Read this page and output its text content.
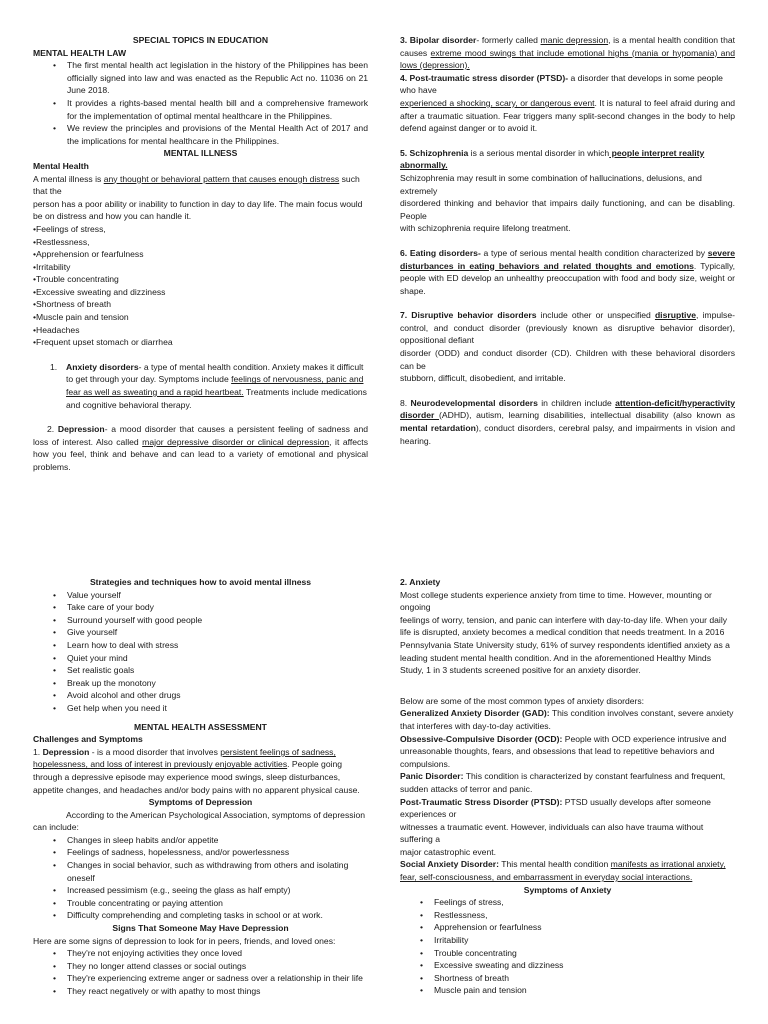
SPECIAL TOPICS IN EDUCATION

MENTAL HEALTH LAW

• The first mental health act legislation in the history of the Philippines has been officially signed into law and was enacted as the Republic Act no. 11036 on 21 June 2018.
• It provides a rights-based mental health bill and a comprehensive framework for the implementation of optimal mental healthcare in the Philippines.
• We review the principles and provisions of the Mental Health Act of 2017 and the implications for mental healthcare in the Philippines.

MENTAL ILLNESS

Mental Health

A mental illness is any thought or behavioral pattern that causes enough distress such that the

person has a poor ability or inability to function in day to day life. The main focus would be on distress and how you can handle it.

• Feelings of stress,
• Restlessness,
• Apprehension or fearfulness
• Irritability
• Trouble concentrating
• Excessive sweating and dizziness
• Shortness of breath
• Muscle pain and tension
• Headaches
• Frequent upset stomach or diarrhea
1. Anxiety disorders- a type of mental health condition. Anxiety makes it difficult to get through your day. Symptoms include feelings of nervousness, panic and fear as well as sweating and a rapid heartbeat. Treatments include medications and cognitive behavioral therapy.

2. Depression- a mood disorder that causes a persistent feeling of sadness and loss of interest. Also called major depressive disorder or clinical depression, it affects how you feel, think and behave and can lead to a variety of emotional and physical problems.

3. Bipolar disorder- formerly called manic depression, is a mental health condition that causes extreme mood swings that include emotional highs (mania or hypomania) and lows (depression).

4. Post-traumatic stress disorder (PTSD)- a disorder that develops in some people who have

experienced a shocking, scary, or dangerous event. It is natural to feel afraid during and after a traumatic situation. Fear triggers many split-second changes in the body to help defend against danger or to avoid it.

5. Schizophrenia is a serious mental disorder in which people interpret reality abnormally.

Schizophrenia may result in some combination of hallucinations, delusions, and extremely

disordered thinking and behavior that impairs daily functioning, and can be disabling. People

with schizophrenia require lifelong treatment.

6. Eating disorders- a type of serious mental health condition characterized by severe disturbances in eating behaviors and related thoughts and emotions. Typically, people with ED develop an unhealthy preoccupation with food and body size, weight or shape.

7. Disruptive behavior disorders include other or unspecified disruptive, impulse-control, and conduct disorder (previously known as disruptive behavior disorder), oppositional defiant

disorder (ODD) and conduct disorder (CD). Children with these behavioral disorders can be

stubborn, difficult, disobedient, and irritable.

8. Neurodevelopmental disorders in children include attention-deficit/hyperactivity disorder (ADHD), autism, learning disabilities, intellectual disability (also known as mental retardation), conduct disorders, cerebral palsy, and impairments in vision and hearing.

Strategies and techniques how to avoid mental illness

• Value yourself
• Take care of your body
• Surround yourself with good people
• Give yourself
• Learn how to deal with stress
• Quiet your mind
• Set realistic goals
• Break up the monotony
• Avoid alcohol and other drugs
• Get help when you need it

MENTAL HEALTH ASSESSMENT

Challenges and Symptoms

1. Depression - is a mood disorder that involves persistent feelings of sadness, hopelessness, and loss of interest in previously enjoyable activities. People going through a depressive episode may experience mood swings, sleep disturbances, appetite changes, and headaches and/or body pains with no apparent physical cause.

Symptoms of Depression

According to the American Psychological Association, symptoms of depression can include:

• Changes in sleep habits and/or appetite
• Feelings of sadness, hopelessness, and/or powerlessness
• Changes in social behavior, such as withdrawing from others and isolating oneself
• Increased pessimism (e.g., seeing the glass as half empty)
• Trouble concentrating or paying attention
• Difficulty comprehending and completing tasks in school or at work.

Signs That Someone May Have Depression

Here are some signs of depression to look for in peers, friends, and loved ones:

• They're not enjoying activities they once loved
• They no longer attend classes or social outings
• They're experiencing extreme anger or sadness over a relationship in their life
• They react negatively or with apathy to most things

2. Anxiety

Most college students experience anxiety from time to time. However, mounting or ongoing

feelings of worry, tension, and panic can interfere with day-to-day life. When your daily life is disrupted, anxiety becomes a medical condition that needs treatment. In a 2016 Pennsylvania State University study, 61% of survey respondents identified anxiety as a leading student mental health condition. And in the aforementioned Healthy Minds Study, 1 in 3 students screened positive for an anxiety disorder.

Below are some of the most common types of anxiety disorders:

Generalized Anxiety Disorder (GAD): This condition involves constant, severe anxiety that interferes with day-to-day activities.

Obsessive-Compulsive Disorder (OCD): People with OCD experience intrusive and unreasonable thoughts, fears, and obsessions that lead to repetitive behaviors and compulsions.

Panic Disorder: This condition is characterized by constant fearfulness and frequent, sudden attacks of terror and panic.

Post-Traumatic Stress Disorder (PTSD): PTSD usually develops after someone experiences or

witnesses a traumatic event. However, individuals can also have trauma without suffering a

major catastrophic event.

Social Anxiety Disorder: This mental health condition manifests as irrational anxiety, fear, self-consciousness, and embarrassment in everyday social interactions.

Symptoms of Anxiety

• Feelings of stress,
• Restlessness,
• Apprehension or fearfulness
• Irritability
• Trouble concentrating
• Excessive sweating and dizziness
• Shortness of breath
• Muscle pain and tension
